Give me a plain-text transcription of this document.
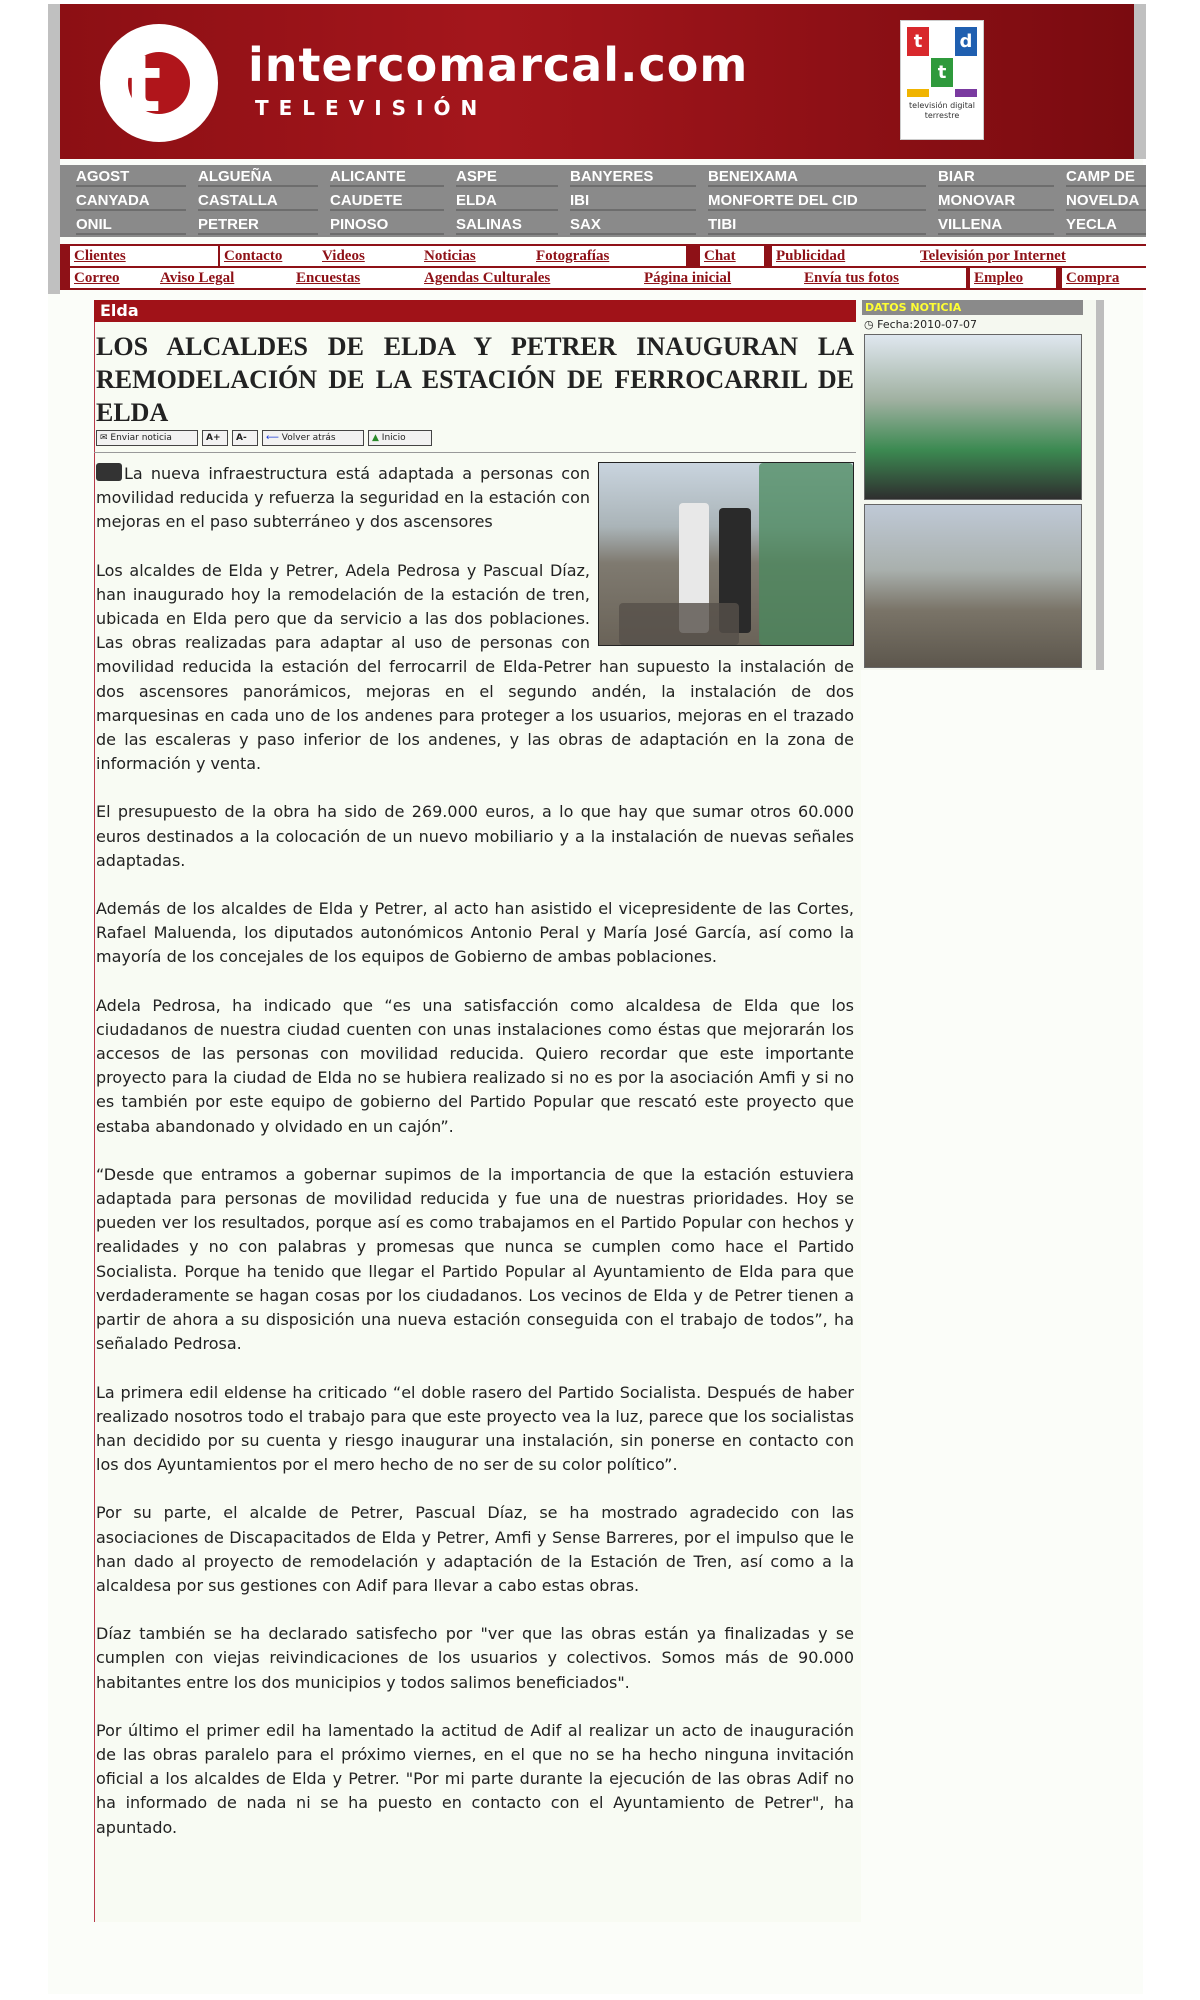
t intercomarcal.com
TELEVISIÓN
t	d
t
televisión digital terrestre
AGOST	ALGUEÑA	ALICANTE	ASPE	BANYERES	BENEIXAMA	BIAR	CAMP DE
CANYADA	CASTALLA	CAUDETE	ELDA	IBI	MONFORTE DEL CID	MONOVAR	NOVELDA
ONIL	PETRER	PINOSO	SALINAS	SAX	TIBI	VILLENA	YECLA
Clientes	Contacto	Videos	Noticias	Fotografías	Chat	Publicidad	Televisión por Internet
Correo	Aviso Legal	Encuestas	Agendas Culturales	Página inicial	Envía tus fotos	Empleo	Compra
Elda
LOS ALCALDES DE ELDA Y PETRER INAUGURAN LA REMODELACIÓN DE LA ESTACIÓN DE FERROCARRIL DE ELDA
✉ Enviar noticia	A+	A-	⟵ Volver atrás	▲ Inicio

La nueva infraestructura está adaptada a personas con movilidad reducida y refuerza la seguridad en la estación con mejoras en el paso subterráneo y dos ascensores

Los alcaldes de Elda y Petrer, Adela Pedrosa y Pascual Díaz, han inaugurado hoy la remodelación de la estación de tren, ubicada en Elda pero que da servicio a las dos poblaciones. Las obras realizadas para adaptar al uso de personas con movilidad reducida la estación del ferrocarril de Elda-Petrer han supuesto la instalación de dos ascensores panorámicos, mejoras en el segundo andén, la instalación de dos marquesinas en cada uno de los andenes para proteger a los usuarios, mejoras en el trazado de las escaleras y paso inferior de los andenes, y las obras de adaptación en la zona de información y venta.

El presupuesto de la obra ha sido de 269.000 euros, a lo que hay que sumar otros 60.000 euros destinados a la colocación de un nuevo mobiliario y a la instalación de nuevas señales adaptadas.

Además de los alcaldes de Elda y Petrer, al acto han asistido el vicepresidente de las Cortes, Rafael Maluenda, los diputados autonómicos Antonio Peral y María José García, así como la mayoría de los concejales de los equipos de Gobierno de ambas poblaciones.

Adela Pedrosa, ha indicado que “es una satisfacción como alcaldesa de Elda que los ciudadanos de nuestra ciudad cuenten con unas instalaciones como éstas que mejorarán los accesos de las personas con movilidad reducida. Quiero recordar que este importante proyecto para la ciudad de Elda no se hubiera realizado si no es por la asociación Amfi y si no es también por este equipo de gobierno del Partido Popular que rescató este proyecto que estaba abandonado y olvidado en un cajón”.

“Desde que entramos a gobernar supimos de la importancia de que la estación estuviera adaptada para personas de movilidad reducida y fue una de nuestras prioridades. Hoy se pueden ver los resultados, porque así es como trabajamos en el Partido Popular con hechos y realidades y no con palabras y promesas que nunca se cumplen como hace el Partido Socialista. Porque ha tenido que llegar el Partido Popular al Ayuntamiento de Elda para que verdaderamente se hagan cosas por los ciudadanos. Los vecinos de Elda y de Petrer tienen a partir de ahora a su disposición una nueva estación conseguida con el trabajo de todos”, ha señalado Pedrosa.

La primera edil eldense ha criticado “el doble rasero del Partido Socialista. Después de haber realizado nosotros todo el trabajo para que este proyecto vea la luz, parece que los socialistas han decidido por su cuenta y riesgo inaugurar una instalación, sin ponerse en contacto con los dos Ayuntamientos por el mero hecho de no ser de su color político”.

Por su parte, el alcalde de Petrer, Pascual Díaz, se ha mostrado agradecido con las asociaciones de Discapacitados de Elda y Petrer, Amfi y Sense Barreres, por el impulso que le han dado al proyecto de remodelación y adaptación de la Estación de Tren, así como a la alcaldesa por sus gestiones con Adif para llevar a cabo estas obras.

Díaz también se ha declarado satisfecho por "ver que las obras están ya finalizadas y se cumplen con viejas reivindicaciones de los usuarios y colectivos. Somos más de 90.000 habitantes entre los dos municipios y todos salimos beneficiados".

Por último el primer edil ha lamentado la actitud de Adif al realizar un acto de inauguración de las obras paralelo para el próximo viernes, en el que no se ha hecho ninguna invitación oficial a los alcaldes de Elda y Petrer. "Por mi parte durante la ejecución de las obras Adif no ha informado de nada ni se ha puesto en contacto con el Ayuntamiento de Petrer", ha apuntado.

DATOS NOTICIA
◷ Fecha:2010-07-07
